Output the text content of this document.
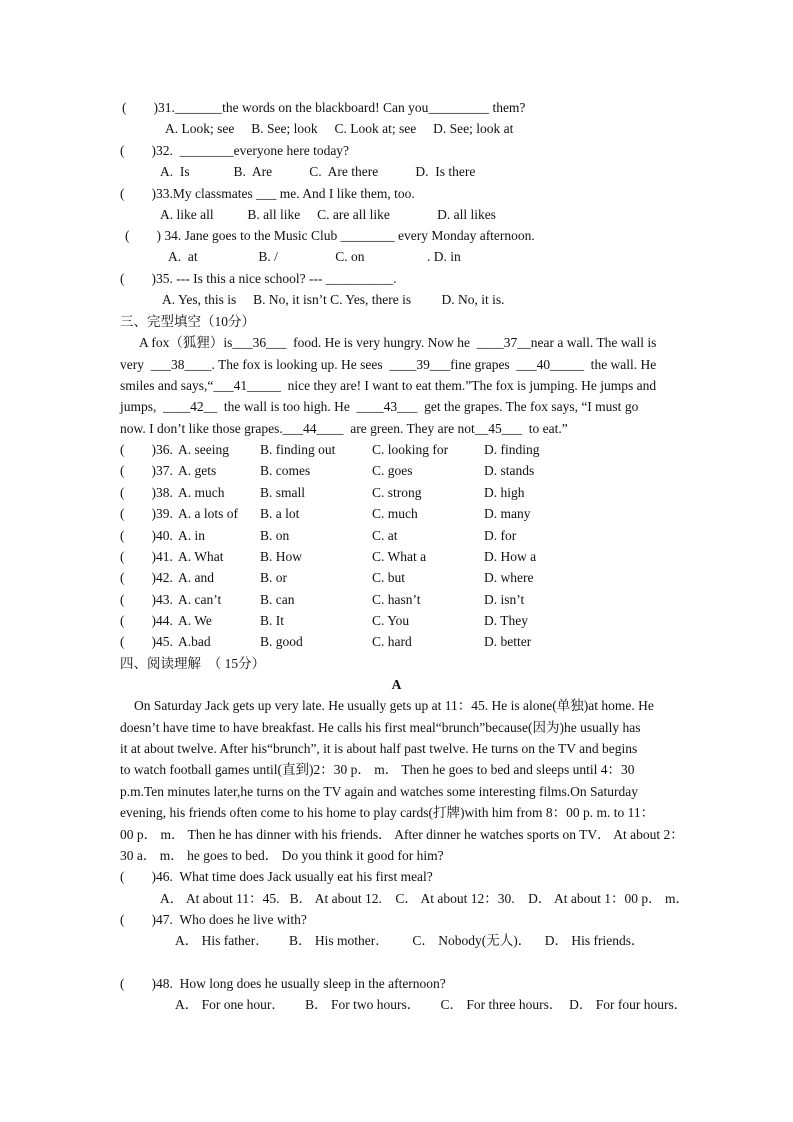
(        )31._______the words on the blackboard! Can you_________ them?
A. Look; see     B. See; look     C. Look at; see     D. See; look at
(        )32.  ________everyone here today?
A.  Is             B.  Are           C.  Are there           D.  Is there
(        )33.My classmates ___ me. And I like them, too.
A. like all          B. all like     C. are all like              D. all likes
(        ) 34. Jane goes to the Music Club ________ every Monday afternoon.
A.  at                  B. /                 C. on	. D. in
(        )35. --- Is this a nice school? --- __________.
A. Yes, this is     B. No, it isn’t C. Yes, there is         D. No, it is.
三、完型填空（10分）
A fox（狐狸）is___36___  food. He is very hungry. Now he  ____37__near a wall. The wall is
very  ___38____. The fox is looking up. He sees  ____39___fine grapes  ___40_____  the wall. He
smiles and says,“___41_____  nice they are! I want to eat them.”The fox is jumping. He jumps and
jumps,  ____42__  the wall is too high. He  ____43___  get the grapes. The fox says, “I must go
now. I don’t like those grapes.___44____  are green. They are not__45___  to eat.”
(        )36. A. seeing B. finding out	C. looking for	D. finding
(        )37. A. gets	B. comes	C. goes	D. stands
(        )38. A. much	B. small	C. strong	D. high
(        )39. A. a lots of B. a lot	C. much	D. many
(        )40. A. in	B. on	C. at	D. for
(        )41. A. What	B. How	C. What a	D. How a
(        )42. A. and	B. or	C. but	D. where
(        )43. A. can’t	B. can	C. hasn’t	D. isn’t
(        )44. A. We	B. It	C. You	D. They
(        )45. A.bad	B. good	C. hard	D. better
四、阅读理解  （ 15分）
A
On Saturday Jack gets up very late. He usually gets up at 11：45. He is alone(单独)at home. He
doesn’t have time to have breakfast. He calls his first meal“brunch”because(因为)he usually has
it at about twelve. After his“brunch”, it is about half past twelve. He turns on the TV and begins
to watch football games until(直到)2：30 p． m． Then he goes to bed and sleeps until 4：30
p.m.Ten minutes later,he turns on the TV again and watches some interesting films.On Saturday
evening, his friends often come to his home to play cards(打牌)with him from 8：00 p. m. to 11：
00 p． m． Then he has dinner with his friends． After dinner he watches sports on TV． At about 2：
30 a． m． he goes to bed． Do you think it good for him?
(        )46.  What time does Jack usually eat his first meal?
A． At about 11：45.   B． At about 12.    C． At about 12：30.    D． At about 1：00 p． m．
(        )47.  Who does he live with?
A． His father．      B． His mother．       C． Nobody(无人)．    D． His friends．
(        )48.  How long does he usually sleep in the afternoon?
A． For one hour．      B． For two hours．      C． For three hours．  D． For four hours．
